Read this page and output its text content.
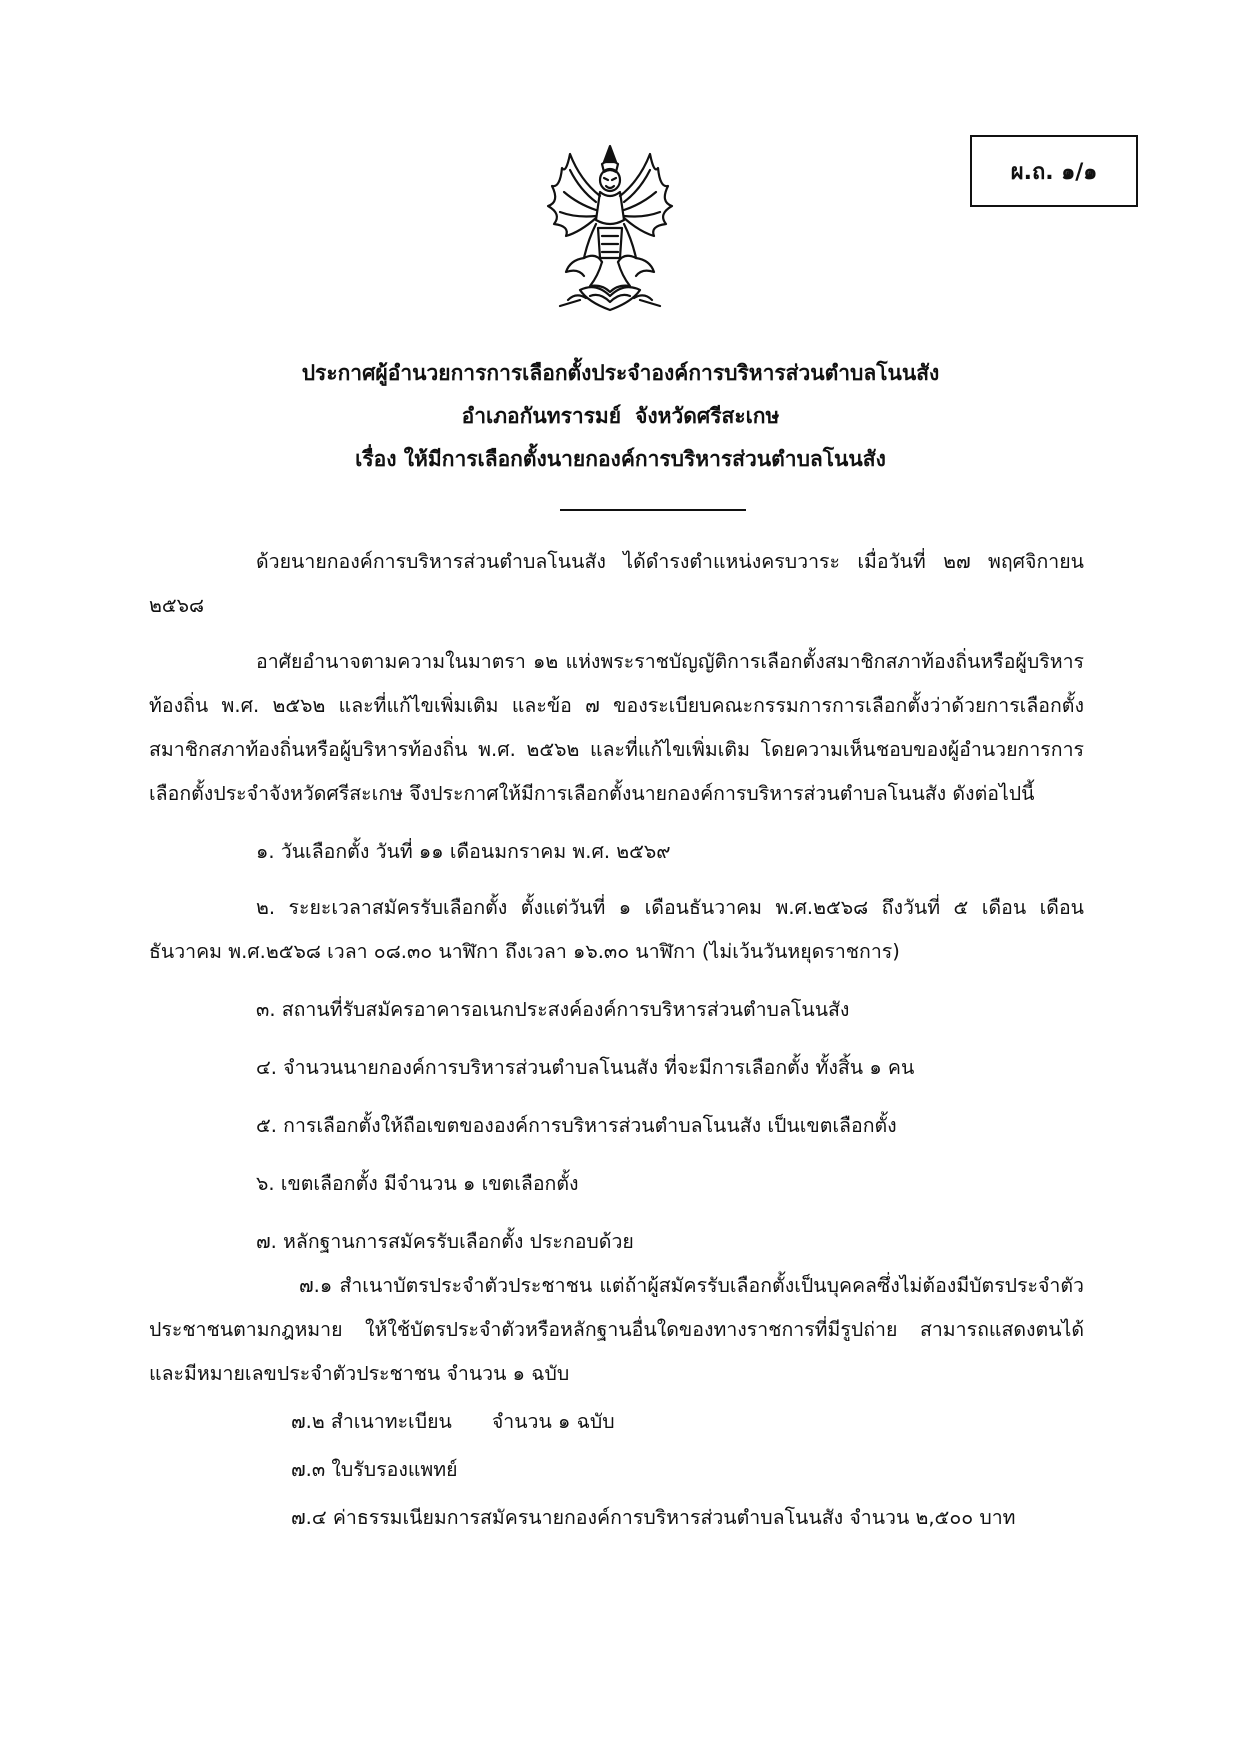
ผ.ถ. ๑/๑
ประกาศผู้อำนวยการการเลือกตั้งประจำองค์การบริหารส่วนตำบลโนนสัง
อำเภอกันทรารมย์ จังหวัดศรีสะเกษ
เรื่อง ให้มีการเลือกตั้งนายกองค์การบริหารส่วนตำบลโนนสัง

ด้วยนายกองค์การบริหารส่วนตำบลโนนสัง ได้ดำรงตำแหน่งครบวาระ เมื่อวันที่ ๒๗ พฤศจิกายน ๒๕๖๘

อาศัยอำนาจตามความในมาตรา ๑๒ แห่งพระราชบัญญัติการเลือกตั้งสมาชิกสภาท้องถิ่นหรือผู้บริหารท้องถิ่น พ.ศ. ๒๕๖๒ และที่แก้ไขเพิ่มเติม และข้อ ๗ ของระเบียบคณะกรรมการการเลือกตั้งว่าด้วยการเลือกตั้งสมาชิกสภาท้องถิ่นหรือผู้บริหารท้องถิ่น พ.ศ. ๒๕๖๒ และที่แก้ไขเพิ่มเติม โดยความเห็นชอบของผู้อำนวยการการเลือกตั้งประจำจังหวัดศรีสะเกษ จึงประกาศให้มีการเลือกตั้งนายกองค์การบริหารส่วนตำบลโนนสัง ดังต่อไปนี้

๑. วันเลือกตั้ง วันที่ ๑๑ เดือนมกราคม พ.ศ. ๒๕๖๙

๒. ระยะเวลาสมัครรับเลือกตั้ง ตั้งแต่วันที่ ๑ เดือนธันวาคม พ.ศ.๒๕๖๘ ถึงวันที่ ๕ เดือน เดือนธันวาคม พ.ศ.๒๕๖๘ เวลา ๐๘.๓๐ นาฬิกา ถึงเวลา ๑๖.๓๐ นาฬิกา (ไม่เว้นวันหยุดราชการ)

๓. สถานที่รับสมัครอาคารอเนกประสงค์องค์การบริหารส่วนตำบลโนนสัง

๔. จำนวนนายกองค์การบริหารส่วนตำบลโนนสัง ที่จะมีการเลือกตั้ง ทั้งสิ้น ๑ คน

๕. การเลือกตั้งให้ถือเขตขององค์การบริหารส่วนตำบลโนนสัง เป็นเขตเลือกตั้ง

๖. เขตเลือกตั้ง มีจำนวน ๑ เขตเลือกตั้ง

๗. หลักฐานการสมัครรับเลือกตั้ง ประกอบด้วย

๗.๑ สำเนาบัตรประจำตัวประชาชน แต่ถ้าผู้สมัครรับเลือกตั้งเป็นบุคคลซึ่งไม่ต้องมีบัตรประจำตัวประชาชนตามกฎหมาย ให้ใช้บัตรประจำตัวหรือหลักฐานอื่นใดของทางราชการที่มีรูปถ่าย สามารถแสดงตนได้และมีหมายเลขประจำตัวประชาชน จำนวน ๑ ฉบับ

๗.๒ สำเนาทะเบียน จำนวน ๑ ฉบับ

๗.๓ ใบรับรองแพทย์

๗.๔ ค่าธรรมเนียมการสมัครนายกองค์การบริหารส่วนตำบลโนนสัง จำนวน ๒,๕๐๐ บาท
